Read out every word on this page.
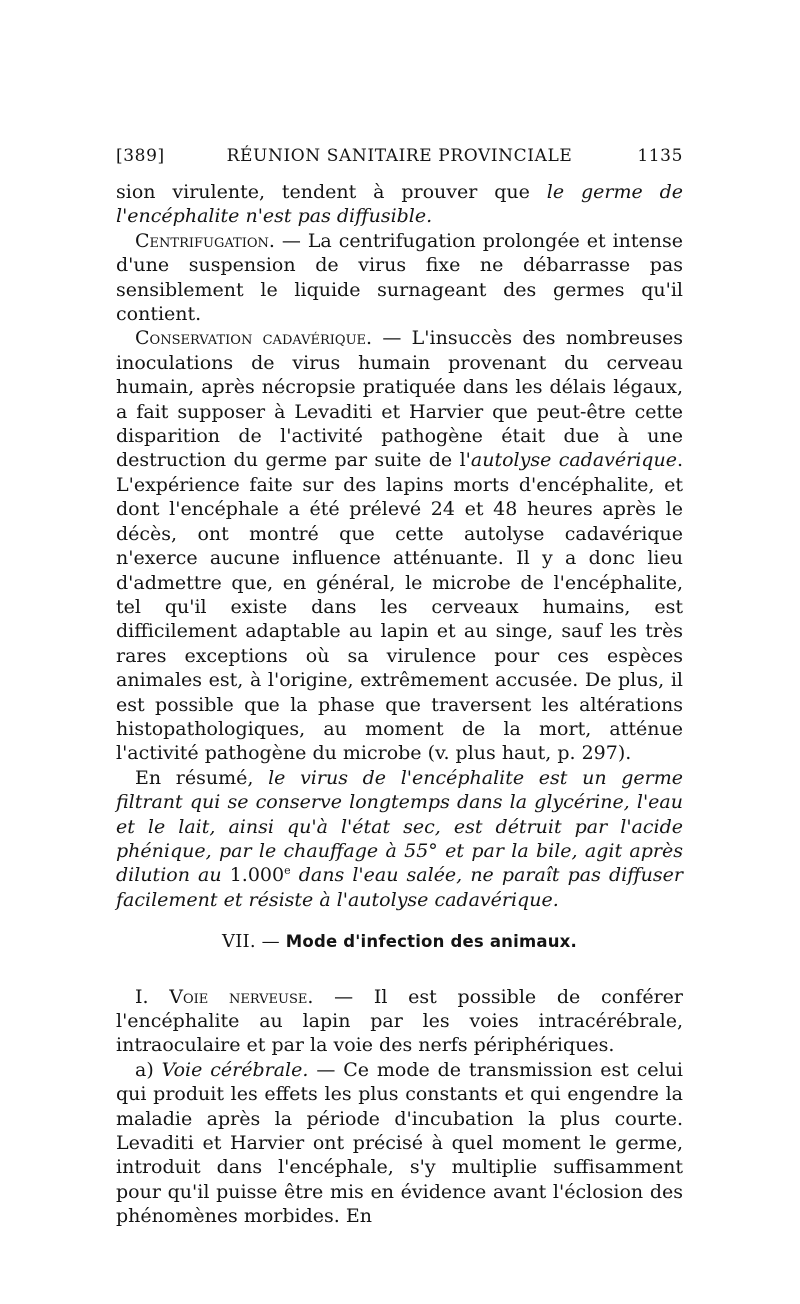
[389]	RÉUNION SANITAIRE PROVINCIALE	1135

sion virulente, tendent à prouver que le germe de l'encéphalite n'est pas diffusible.

Centrifugation. — La centrifugation prolongée et intense d'une suspension de virus fixe ne débarrasse pas sensiblement le liquide surnageant des germes qu'il contient.

Conservation cadavérique. — L'insuccès des nombreuses inoculations de virus humain provenant du cerveau humain, après nécropsie pratiquée dans les délais légaux, a fait supposer à Levaditi et Harvier que peut-être cette disparition de l'activité pathogène était due à une destruction du germe par suite de l'autolyse cadavérique. L'expérience faite sur des lapins morts d'encéphalite, et dont l'encéphale a été prélevé 24 et 48 heures après le décès, ont montré que cette autolyse cadavérique n'exerce aucune influence atténuante. Il y a donc lieu d'admettre que, en général, le microbe de l'encéphalite, tel qu'il existe dans les cerveaux humains, est difficilement adaptable au lapin et au singe, sauf les très rares exceptions où sa virulence pour ces espèces animales est, à l'origine, extrêmement accusée. De plus, il est possible que la phase que traversent les altérations histopathologiques, au moment de la mort, atténue l'activité pathogène du microbe (v. plus haut, p. 297).

En résumé, le virus de l'encéphalite est un germe filtrant qui se conserve longtemps dans la glycérine, l'eau et le lait, ainsi qu'à l'état sec, est détruit par l'acide phénique, par le chauffage à 55° et par la bile, agit après dilution au 1.000e dans l'eau salée, ne paraît pas diffuser facilement et résiste à l'autolyse cadavérique.

VII. — Mode d'infection des animaux.

I. Voie nerveuse. — Il est possible de conférer l'encéphalite au lapin par les voies intracérébrale, intraoculaire et par la voie des nerfs périphériques.

a) Voie cérébrale. — Ce mode de transmission est celui qui produit les effets les plus constants et qui engendre la maladie après la période d'incubation la plus courte. Levaditi et Harvier ont précisé à quel moment le germe, introduit dans l'encéphale, s'y multiplie suffisamment pour qu'il puisse être mis en évidence avant l'éclosion des phénomènes morbides. En
